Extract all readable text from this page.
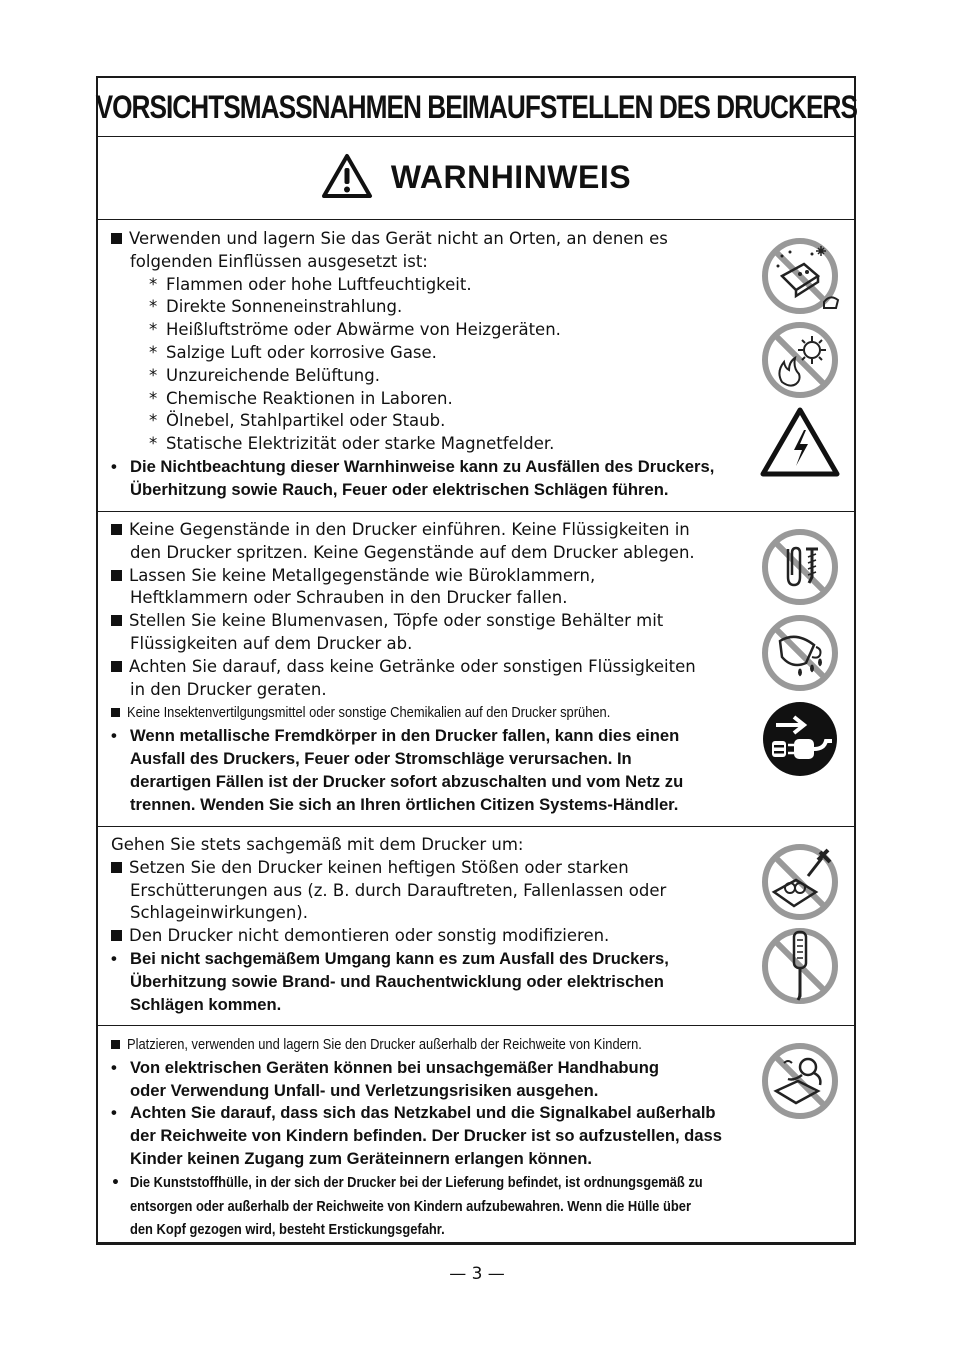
VORSICHTSMASSNAHMEN BEIMAUFSTELLEN DES DRUCKERS
WARNHINWEIS
Verwenden und lagern Sie das Gerät nicht an Orten, an denen es
folgenden Einflüssen ausgesetzt ist:
* Flammen oder hohe Luftfeuchtigkeit.
* Direkte Sonneneinstrahlung.
* Heißluftströme oder Abwärme von Heizgeräten.
* Salzige Luft oder korrosive Gase.
* Unzureichende Belüftung.
* Chemische Reaktionen in Laboren.
* Ölnebel, Stahlpartikel oder Staub.
* Statische Elektrizität oder starke Magnetfelder.
• Die Nichtbeachtung dieser Warnhinweise kann zu Ausfällen des Druckers,
Überhitzung sowie Rauch, Feuer oder elektrischen Schlägen führen.
Keine Gegenstände in den Drucker einführen. Keine Flüssigkeiten in
den Drucker spritzen. Keine Gegenstände auf dem Drucker ablegen.
Lassen Sie keine Metallgegenstände wie Büroklammern,
Heftklammern oder Schrauben in den Drucker fallen.
Stellen Sie keine Blumenvasen, Töpfe oder sonstige Behälter mit
Flüssigkeiten auf dem Drucker ab.
Achten Sie darauf, dass keine Getränke oder sonstigen Flüssigkeiten
in den Drucker geraten.
Keine Insektenvertilgungsmittel oder sonstige Chemikalien auf den Drucker sprühen.
• Wenn metallische Fremdkörper in den Drucker fallen, kann dies einen
Ausfall des Druckers, Feuer oder Stromschläge verursachen. In
derartigen Fällen ist der Drucker sofort abzuschalten und vom Netz zu
trennen. Wenden Sie sich an Ihren örtlichen Citizen Systems-Händler.
Gehen Sie stets sachgemäß mit dem Drucker um:
Setzen Sie den Drucker keinen heftigen Stößen oder starken
Erschütterungen aus (z. B. durch Darauftreten, Fallenlassen oder
Schlageinwirkungen).
Den Drucker nicht demontieren oder sonstig modifizieren.
• Bei nicht sachgemäßem Umgang kann es zum Ausfall des Druckers,
Überhitzung sowie Brand- und Rauchentwicklung oder elektrischen
Schlägen kommen.
Platzieren, verwenden und lagern Sie den Drucker außerhalb der Reichweite von Kindern.
• Von elektrischen Geräten können bei unsachgemäßer Handhabung
oder Verwendung Unfall- und Verletzungsrisiken ausgehen.
• Achten Sie darauf, dass sich das Netzkabel und die Signalkabel außerhalb
der Reichweite von Kindern befinden. Der Drucker ist so aufzustellen, dass
Kinder keinen Zugang zum Geräteinnern erlangen können.
• Die Kunststoffhülle, in der sich der Drucker bei der Lieferung befindet, ist ordnungsgemäß zu
entsorgen oder außerhalb der Reichweite von Kindern aufzubewahren. Wenn die Hülle über
den Kopf gezogen wird, besteht Erstickungsgefahr.
— 3 —
